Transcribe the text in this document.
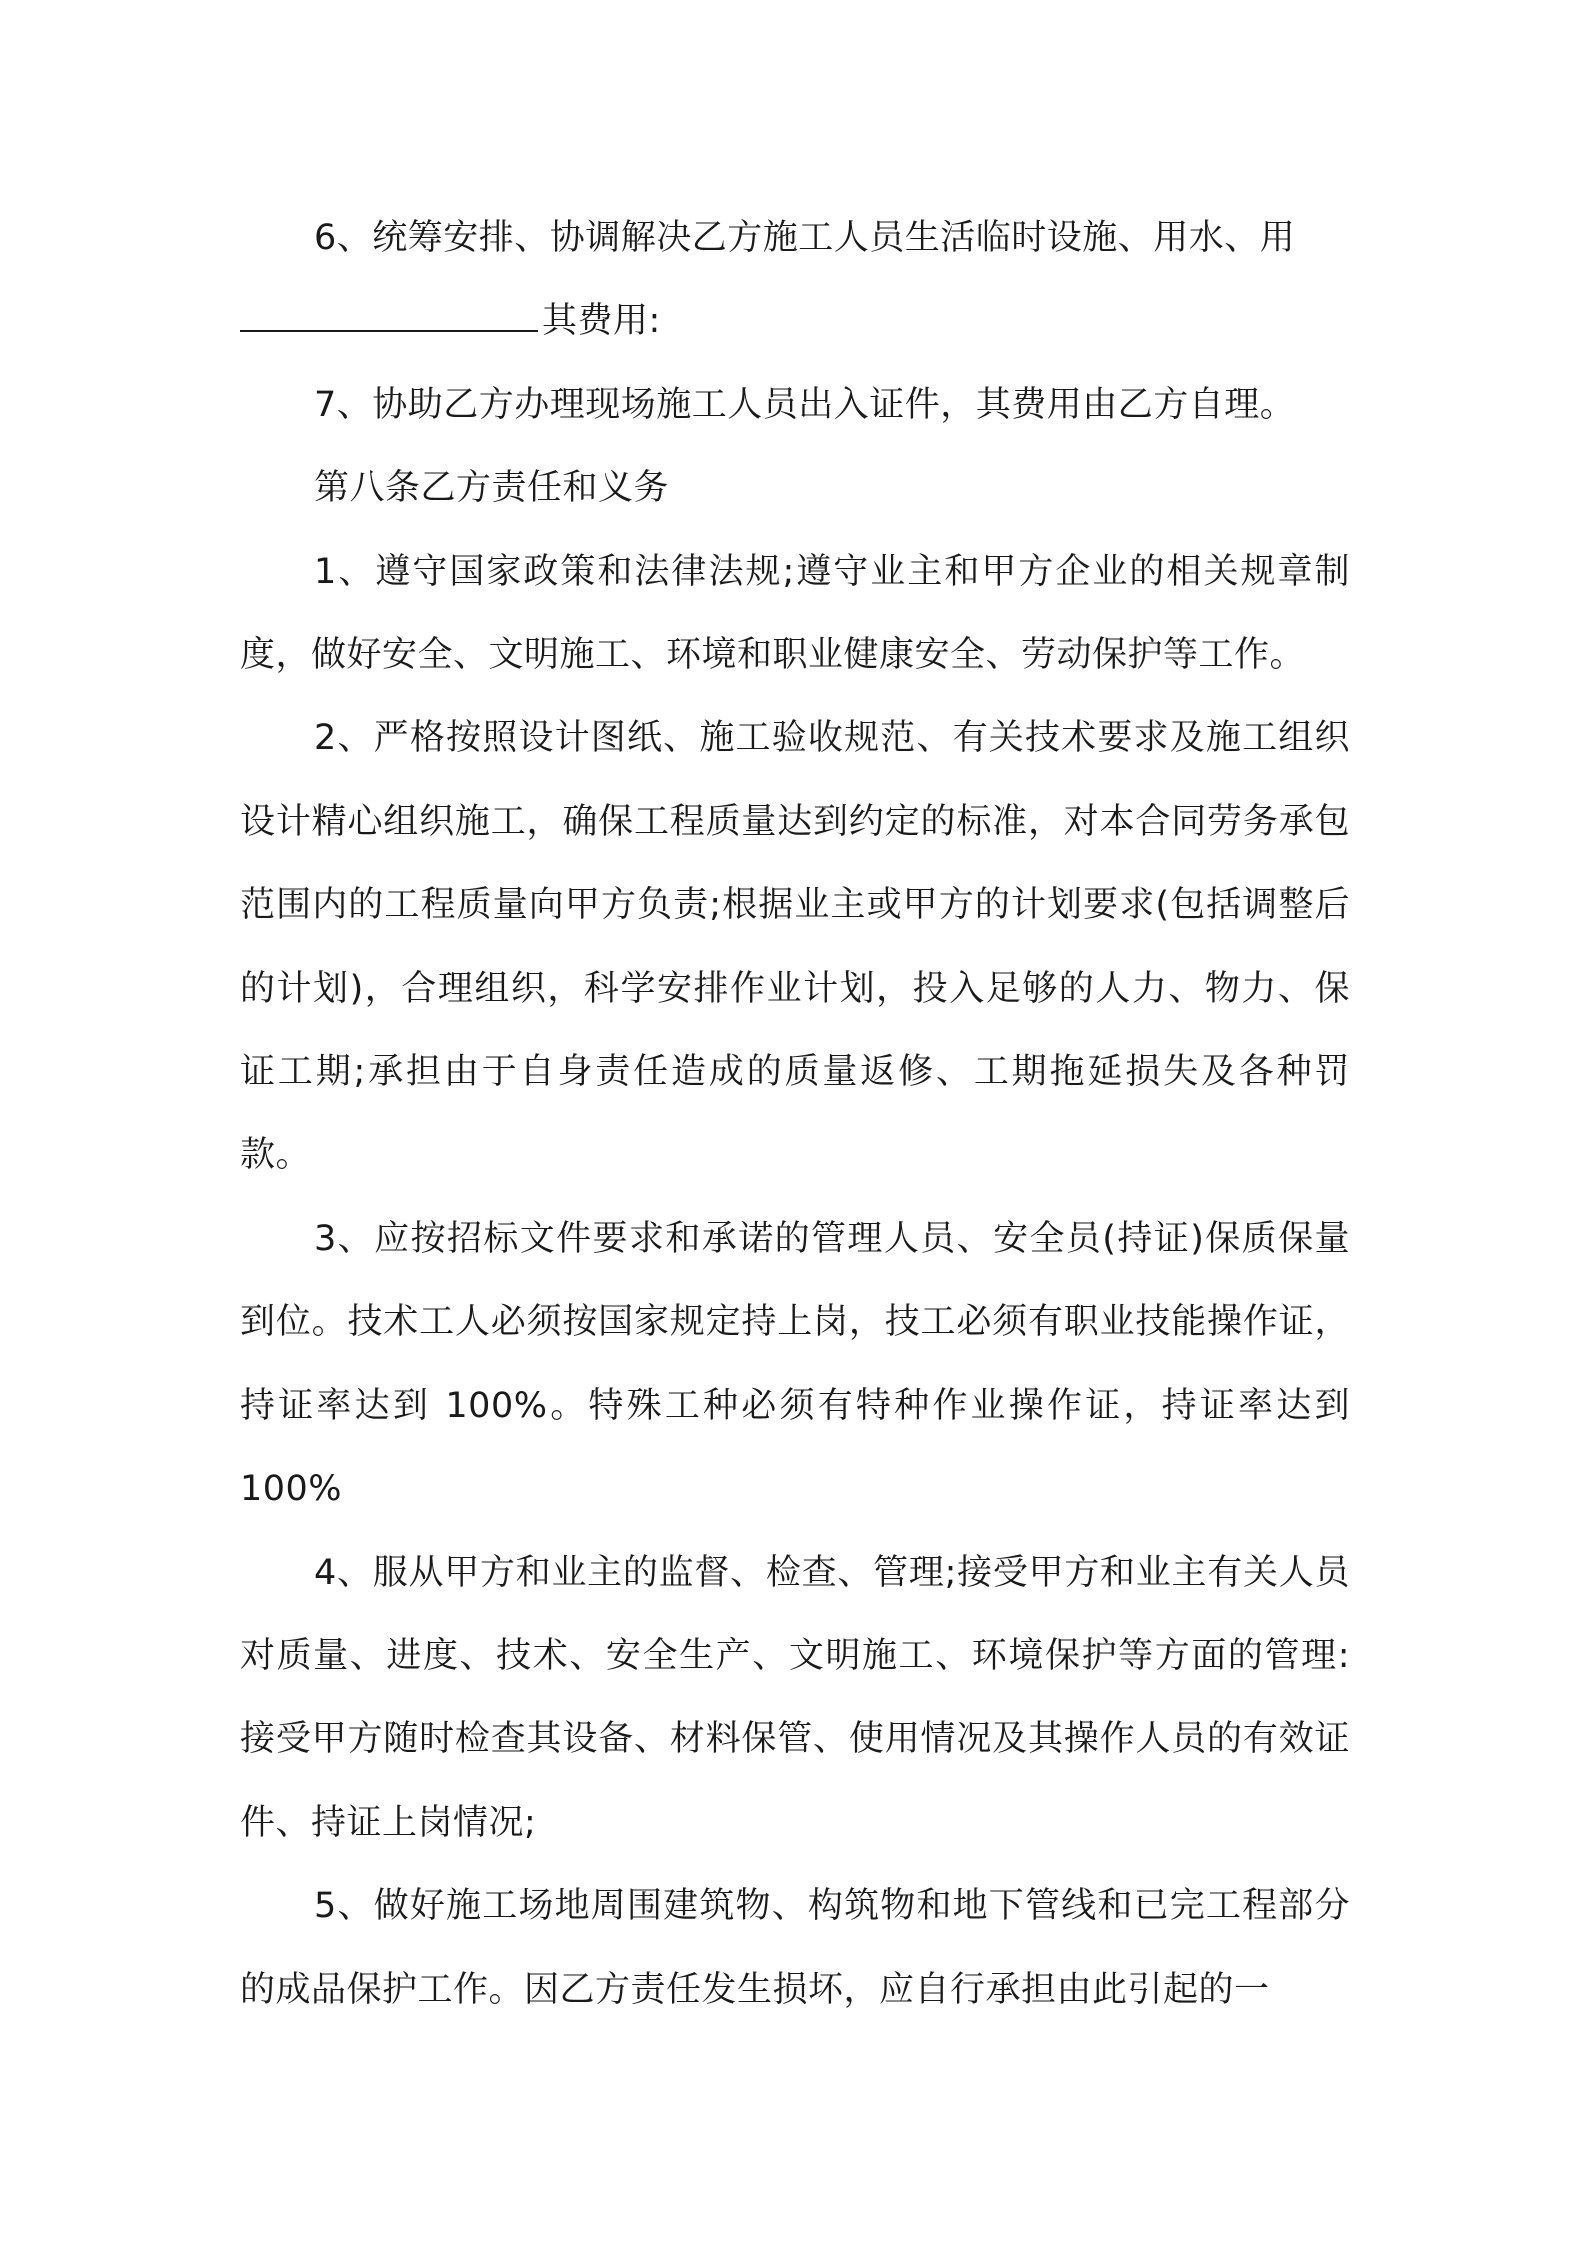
6、统筹安排、协调解决乙方施工人员生活临时设施、用水、用

其费用:

7、协助乙方办理现场施工人员出入证件，其费用由乙方自理。

第八条乙方责任和义务

1、遵守国家政策和法律法规;遵守业主和甲方企业的相关规章制度，做好安全、文明施工、环境和职业健康安全、劳动保护等工作。

2、严格按照设计图纸、施工验收规范、有关技术要求及施工组织设计精心组织施工，确保工程质量达到约定的标准，对本合同劳务承包范围内的工程质量向甲方负责;根据业主或甲方的计划要求(包括调整后的计划)，合理组织，科学安排作业计划，投入足够的人力、物力、保证工期;承担由于自身责任造成的质量返修、工期拖延损失及各种罚款。

3、应按招标文件要求和承诺的管理人员、安全员(持证)保质保量到位。技术工人必须按国家规定持上岗，技工必须有职业技能操作证，持证率达到 100%。特殊工种必须有特种作业操作证，持证率达到 100%

4、服从甲方和业主的监督、检查、管理;接受甲方和业主有关人员对质量、进度、技术、安全生产、文明施工、环境保护等方面的管理:接受甲方随时检查其设备、材料保管、使用情况及其操作人员的有效证件、持证上岗情况;

5、做好施工场地周围建筑物、构筑物和地下管线和已完工程部分的成品保护工作。因乙方责任发生损坏，应自行承担由此引起的一
